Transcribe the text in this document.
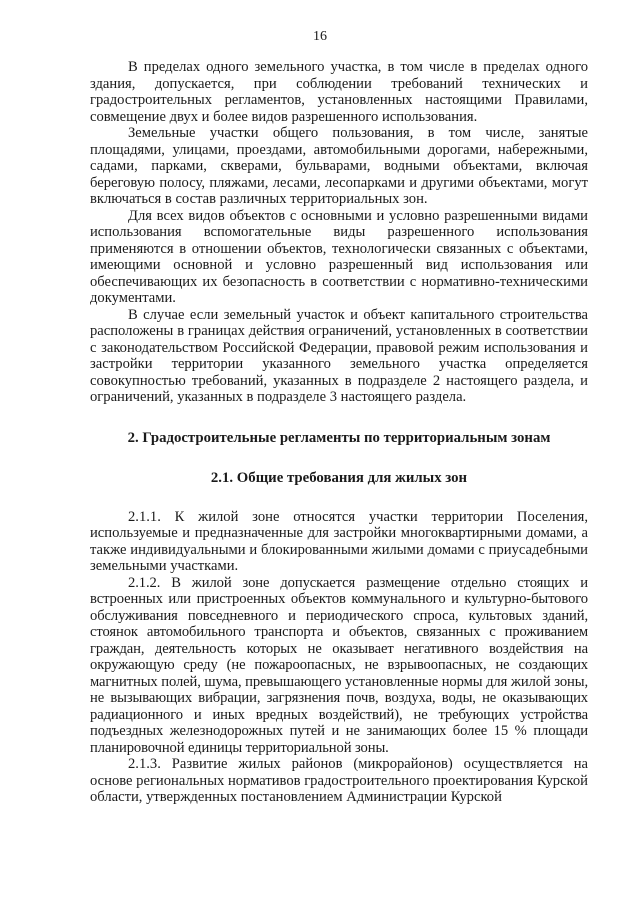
16

В пределах одного земельного участка, в том числе в пределах одного здания, допускается, при соблюдении требований технических и градостроительных регламентов, установленных настоящими Правилами, совмещение двух и более видов разрешенного использования.

Земельные участки общего пользования, в том числе, занятые площадями, улицами, проездами, автомобильными дорогами, набережными, садами, парками, скверами, бульварами, водными объектами, включая береговую полосу, пляжами, лесами, лесопарками и другими объектами, могут включаться в состав различных территориальных зон.

Для всех видов объектов с основными и условно разрешенными видами использования вспомогательные виды разрешенного использования применяются в отношении объектов, технологически связанных с объектами, имеющими основной и условно разрешенный вид использования или обеспечивающих их безопасность в соответствии с нормативно-техническими документами.

В случае если земельный участок и объект капитального строительства расположены в границах действия ограничений, установленных в соответствии с законодательством Российской Федерации, правовой режим использования и застройки территории указанного земельного участка определяется совокупностью требований, указанных в подразделе 2 настоящего раздела, и ограничений, указанных в подразделе 3 настоящего раздела.

2. Градостроительные регламенты по территориальным зонам
2.1. Общие требования для жилых зон

2.1.1. К жилой зоне относятся участки территории Поселения, используемые и предназначенные для застройки многоквартирными домами, а также индивидуальными и блокированными жилыми домами с приусадебными земельными участками.

2.1.2. В жилой зоне допускается размещение отдельно стоящих и встроенных или пристроенных объектов коммунального и культурно-бытового обслуживания повседневного и периодического спроса, культовых зданий, стоянок автомобильного транспорта и объектов, связанных с проживанием граждан, деятельность которых не оказывает негативного воздействия на окружающую среду (не пожароопасных, не взрывоопасных, не создающих магнитных полей, шума, превышающего установленные нормы для жилой зоны, не вызывающих вибрации, загрязнения почв, воздуха, воды, не оказывающих радиационного и иных вредных воздействий), не требующих устройства подъездных железнодорожных путей и не занимающих более 15 % площади планировочной единицы территориальной зоны.

2.1.3. Развитие жилых районов (микрорайонов) осуществляется на основе региональных нормативов градостроительного проектирования Курской области, утвержденных постановлением Администрации Курской
